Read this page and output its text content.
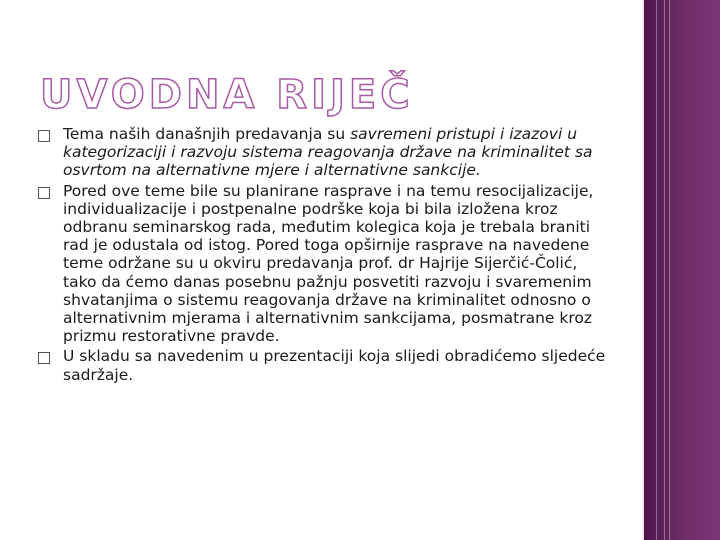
UVODNA RIJEČ
Tema naših današnjih predavanja su savremeni pristupi i izazovi u kategorizaciji i razvoju sistema reagovanja države na kriminalitet sa osvrtom na alternativne mjere i alternativne sankcije.
Pored ove teme bile su planirane rasprave i na temu resocijalizacije, individualizacije i postpenalne podrške koja bi bila izložena kroz odbranu seminarskog rada, međutim kolegica koja je trebala braniti rad je odustala od istog. Pored toga opširnije rasprave na navedene teme održane su u okviru predavanja prof. dr Hajrije Sijerčić-Čolić, tako da ćemo danas posebnu pažnju posvetiti razvoju i svaremenim shvatanjima o sistemu reagovanja države na kriminalitet odnosno o alternativnim mjerama i alternativnim sankcijama, posmatrane kroz prizmu restorativne pravde.
U skladu sa navedenim u prezentaciji koja slijedi obradićemo sljedeće sadržaje.
